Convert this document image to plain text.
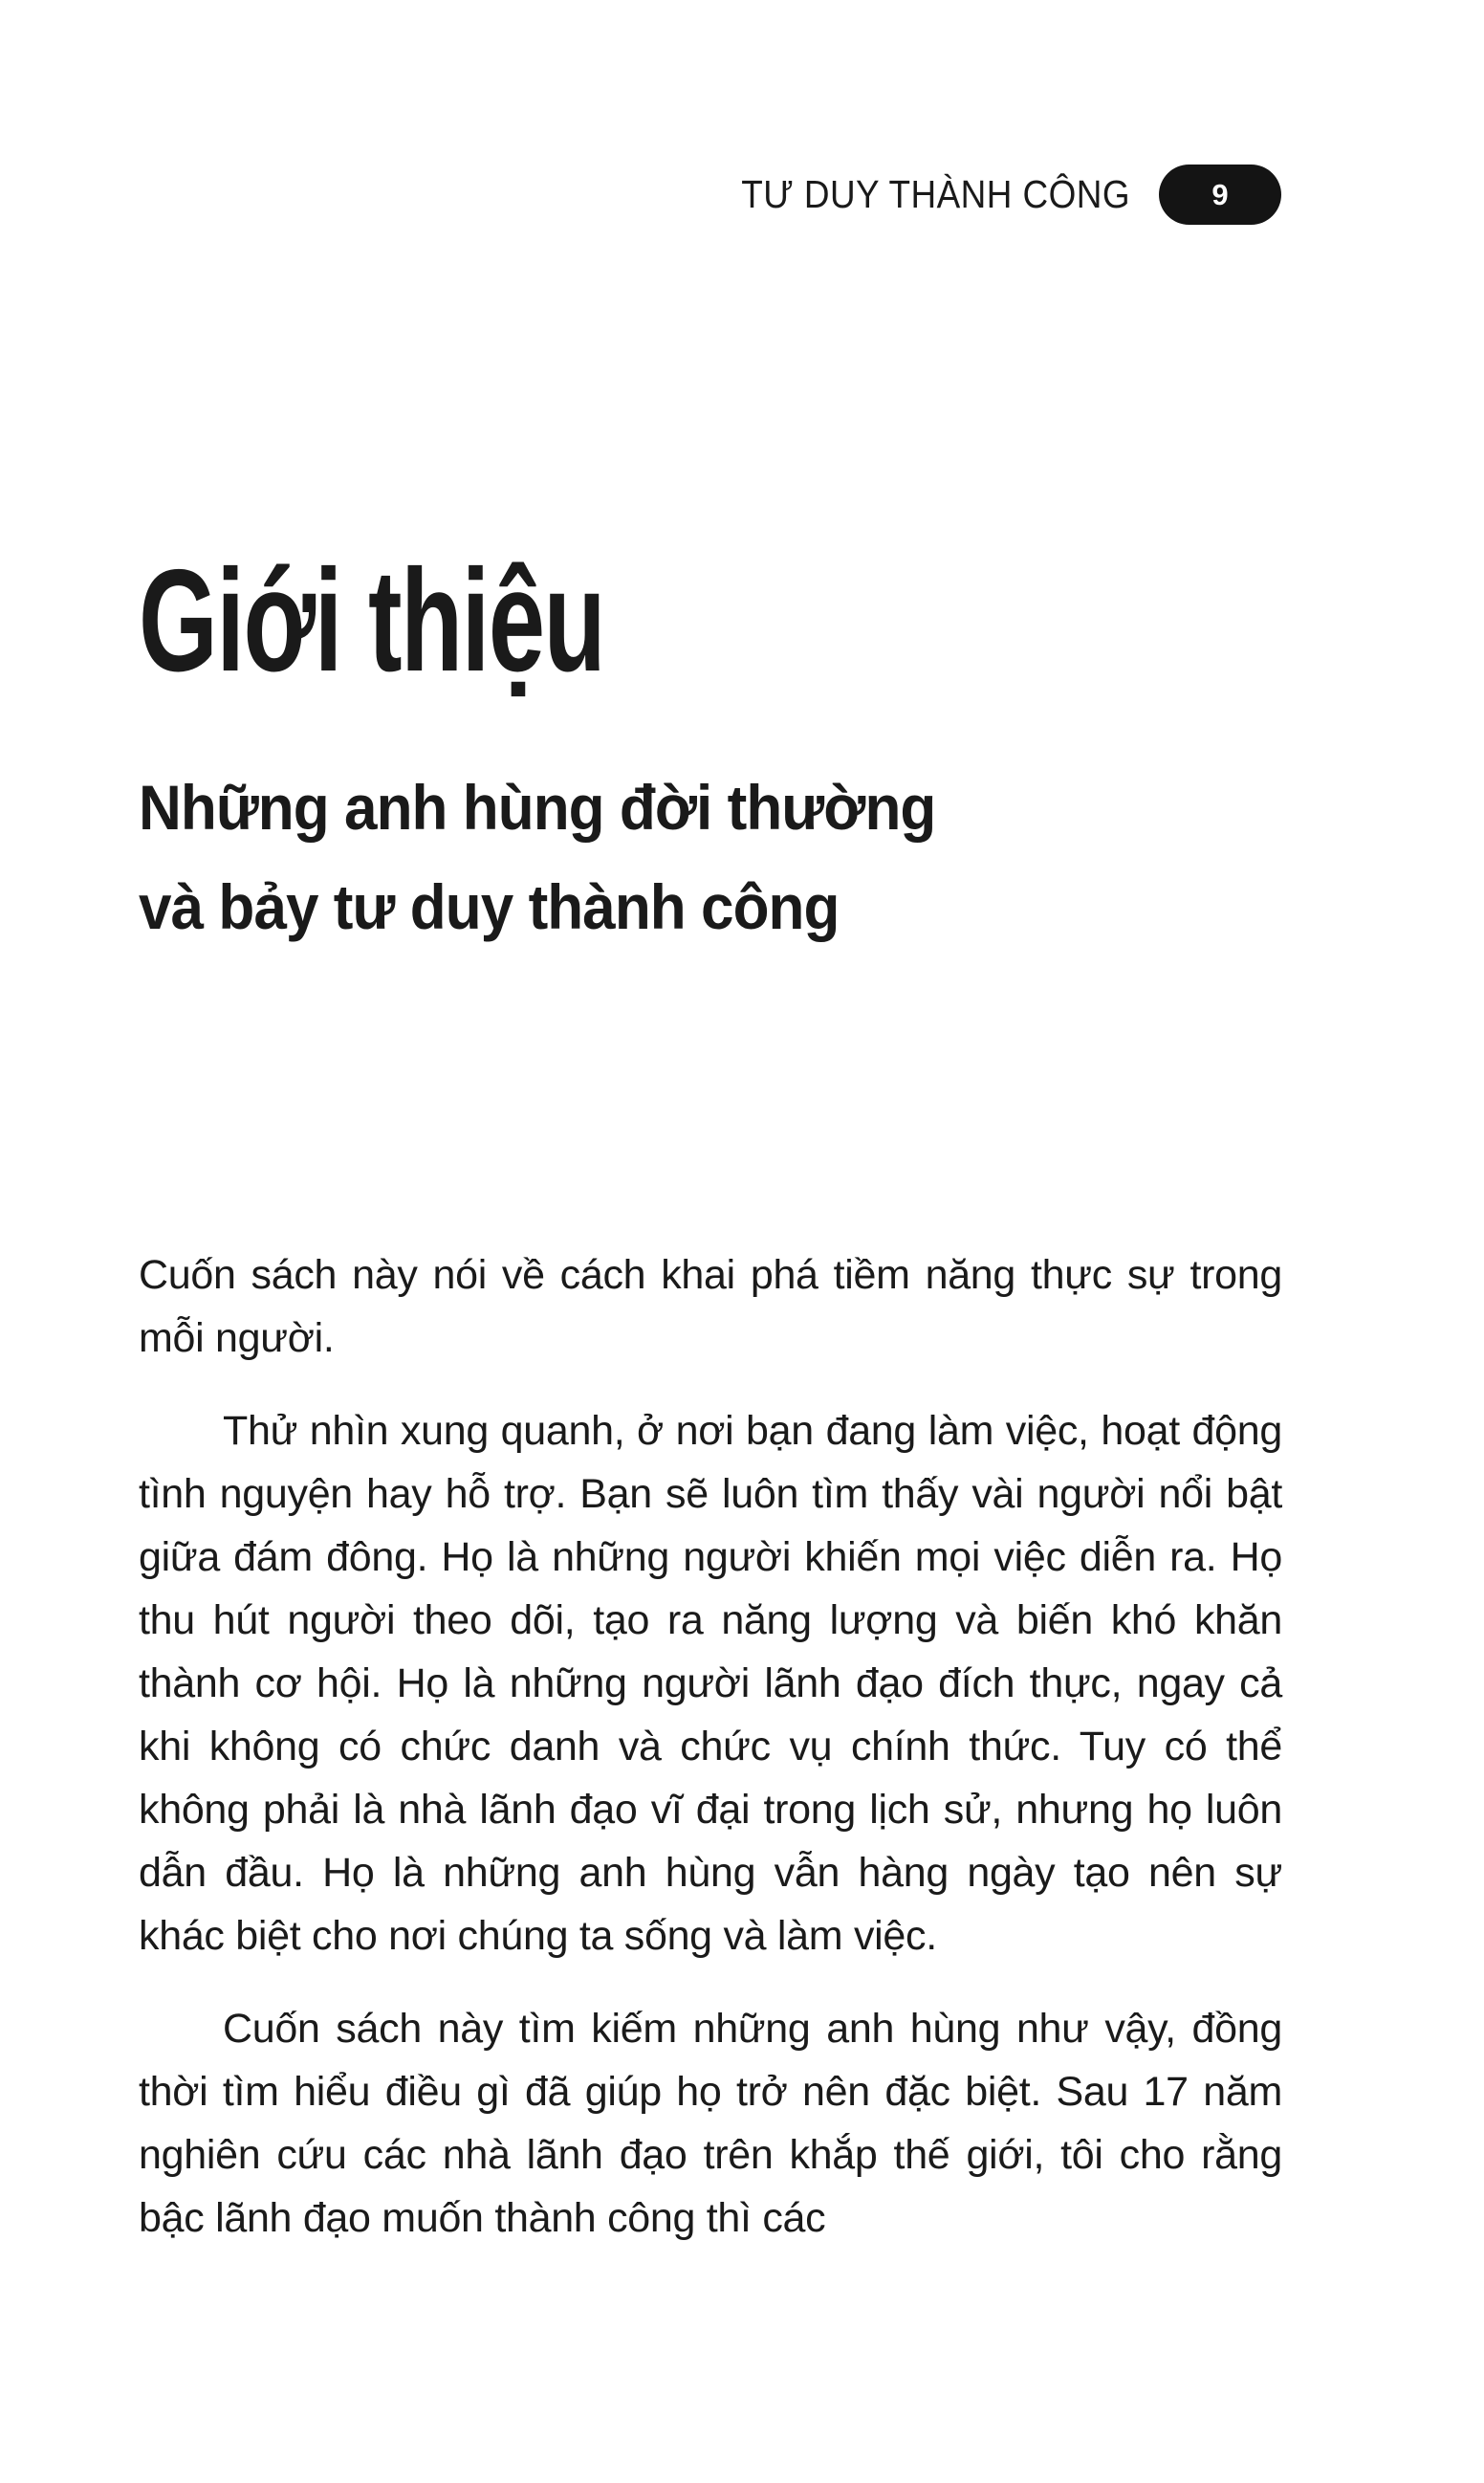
TƯ DUY THÀNH CÔNG	9
Giới thiệu
Những anh hùng đời thường
và bảy tư duy thành công

Cuốn sách này nói về cách khai phá tiềm năng thực sự trong mỗi người.

Thử nhìn xung quanh, ở nơi bạn đang làm việc, hoạt động tình nguyện hay hỗ trợ. Bạn sẽ luôn tìm thấy vài người nổi bật giữa đám đông. Họ là những người khiến mọi việc diễn ra. Họ thu hút người theo dõi, tạo ra năng lượng và biến khó khăn thành cơ hội. Họ là những người lãnh đạo đích thực, ngay cả khi không có chức danh và chức vụ chính thức. Tuy có thể không phải là nhà lãnh đạo vĩ đại trong lịch sử, nhưng họ luôn dẫn đầu. Họ là những anh hùng vẫn hàng ngày tạo nên sự khác biệt cho nơi chúng ta sống và làm việc.

Cuốn sách này tìm kiếm những anh hùng như vậy, đồng thời tìm hiểu điều gì đã giúp họ trở nên đặc biệt. Sau 17 năm nghiên cứu các nhà lãnh đạo trên khắp thế giới, tôi cho rằng bậc lãnh đạo muốn thành công thì các
